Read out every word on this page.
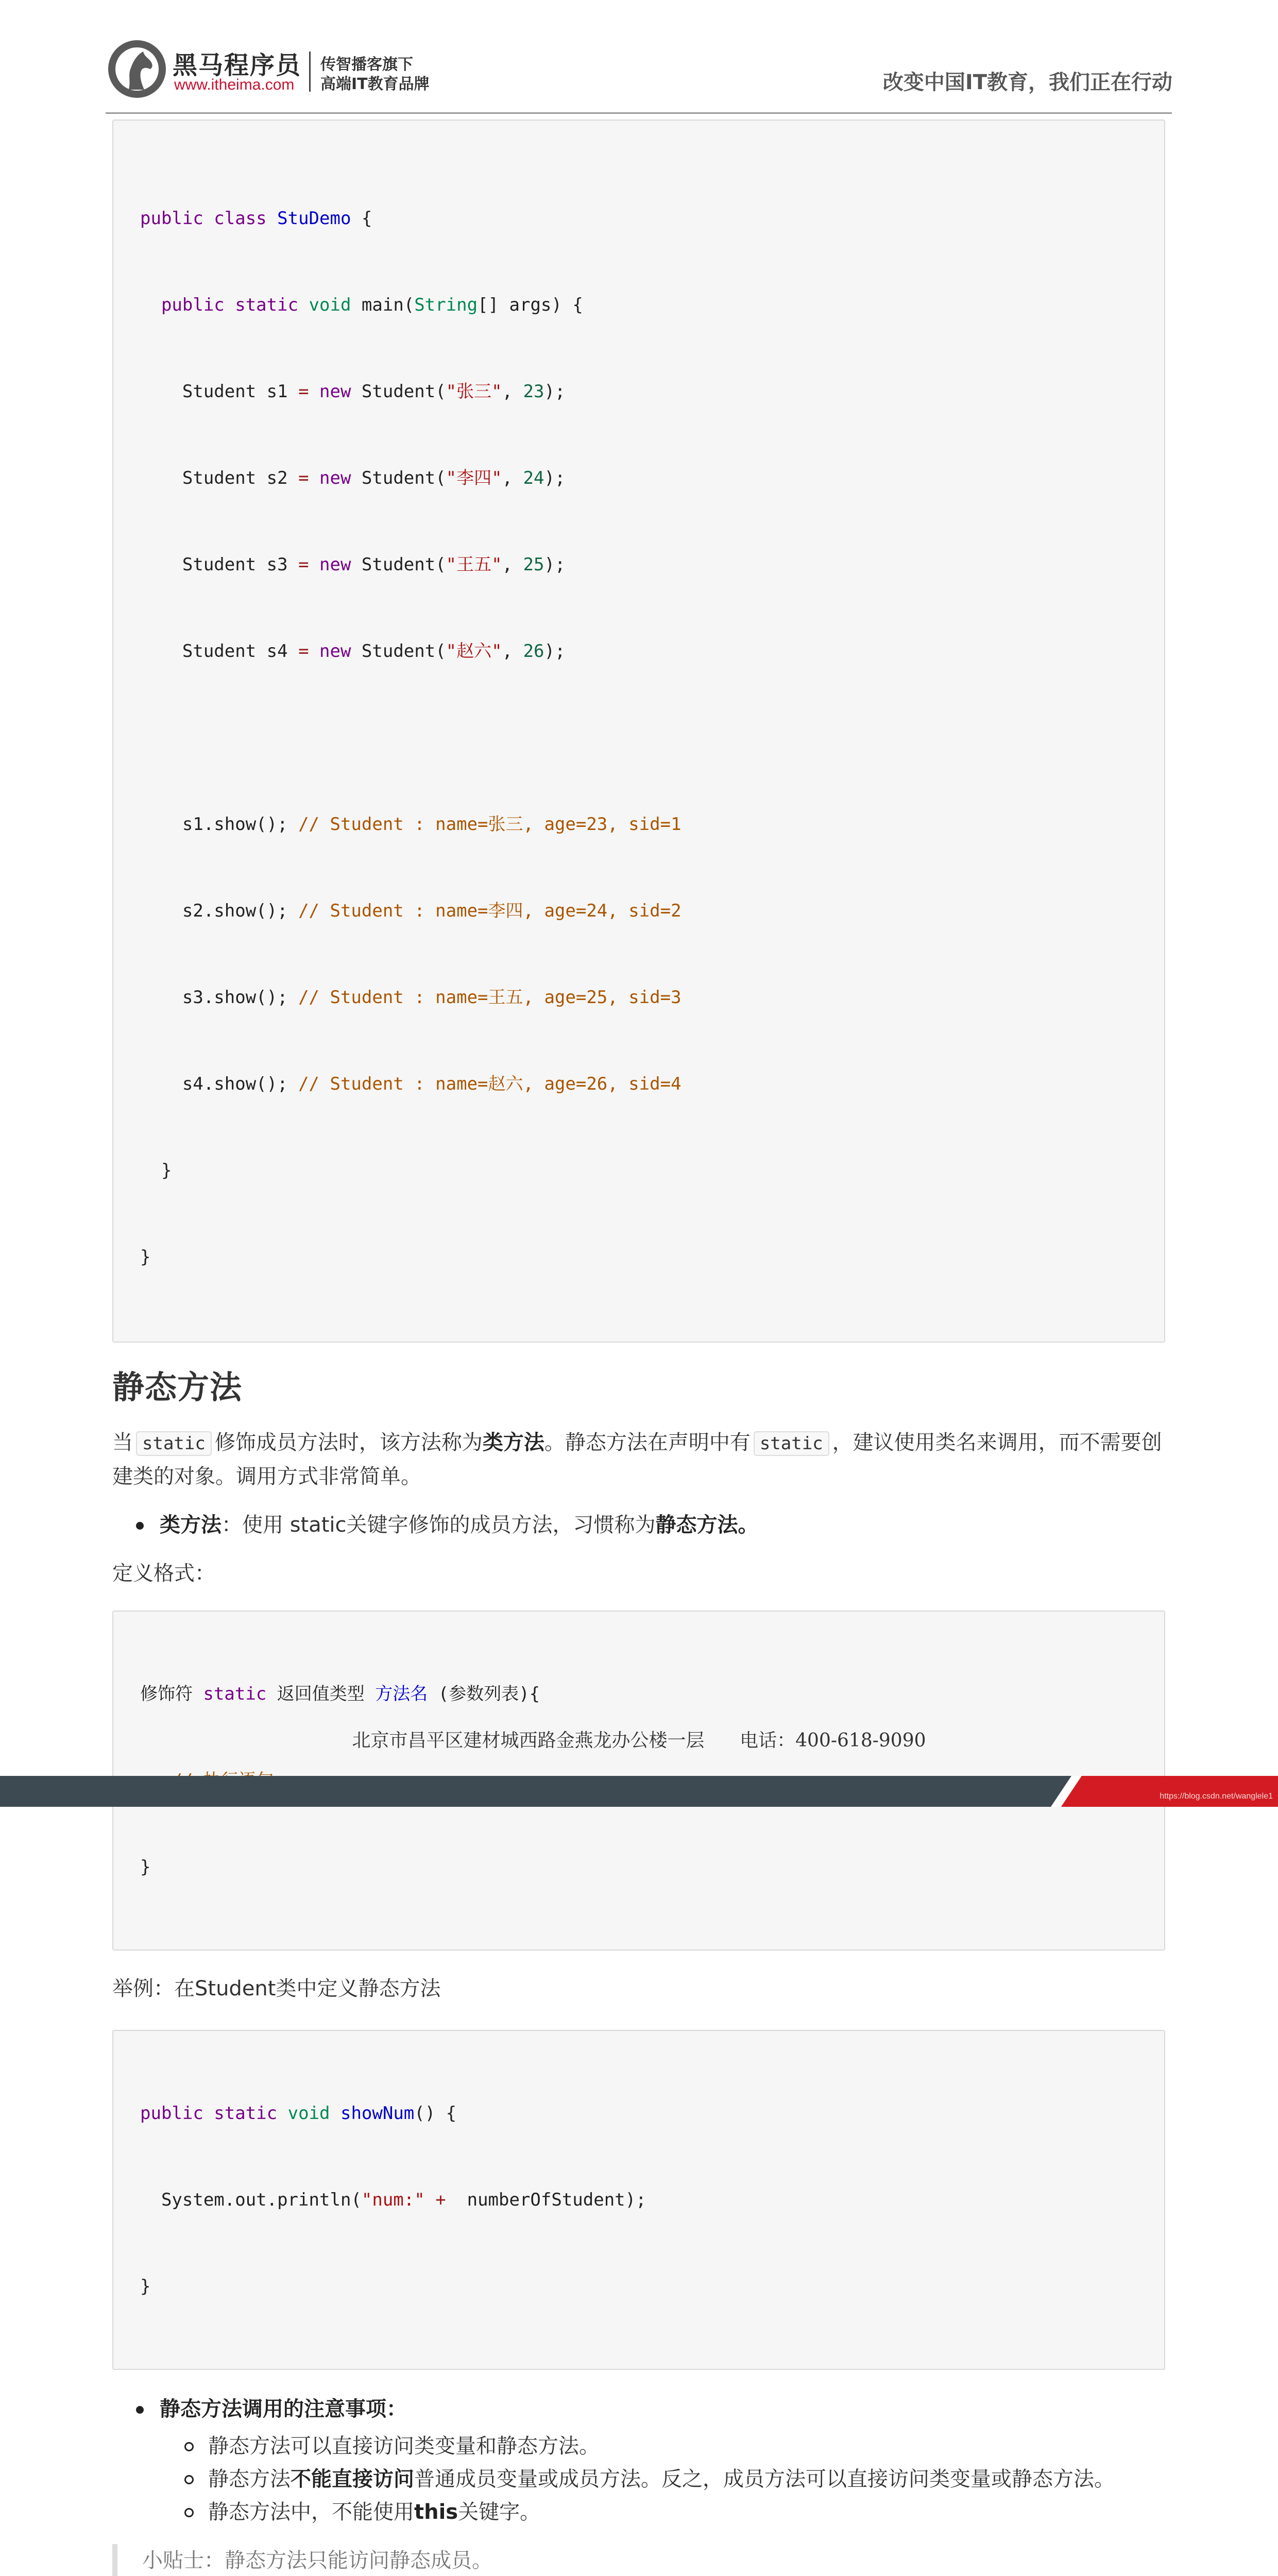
黑马程序员
www.itheima.com
传智播客旗下
高端IT教育品牌	改变中国IT教育，我们正在行动

public class StuDemo {

public static void main(String[] args) {

Student s1 = new Student("张三", 23);

Student s2 = new Student("李四", 24);

Student s3 = new Student("王五", 25);

Student s4 = new Student("赵六", 26);

s1.show(); // Student : name=张三, age=23, sid=1

s2.show(); // Student : name=李四, age=24, sid=2

s3.show(); // Student : name=王五, age=25, sid=3

s4.show(); // Student : name=赵六, age=26, sid=4

}

}

静态方法

当 static 修饰成员方法时，该方法称为类方法。静态方法在声明中有 static ，建议使用类名来调用，而不需要创建类的对象。调用方式非常简单。

类方法：使用 static关键字修饰的成员方法，习惯称为静态方法。

定义格式：

修饰符 static 返回值类型 方法名 (参数列表){

}

举例：在Student类中定义静态方法

public static void showNum() {

System.out.println("num:" +  numberOfStudent);

}

静态方法调用的注意事项：
静态方法可以直接访问类变量和静态方法。
静态方法不能直接访问普通成员变量或成员方法。反之，成员方法可以直接访问类变量或静态方法。
静态方法中，不能使用this关键字。
小贴士：静态方法只能访问静态成员。

北京市昌平区建材城西路金燕龙办公楼一层      电话：400-618-9090
https://blog.csdn.net/wanglele1
